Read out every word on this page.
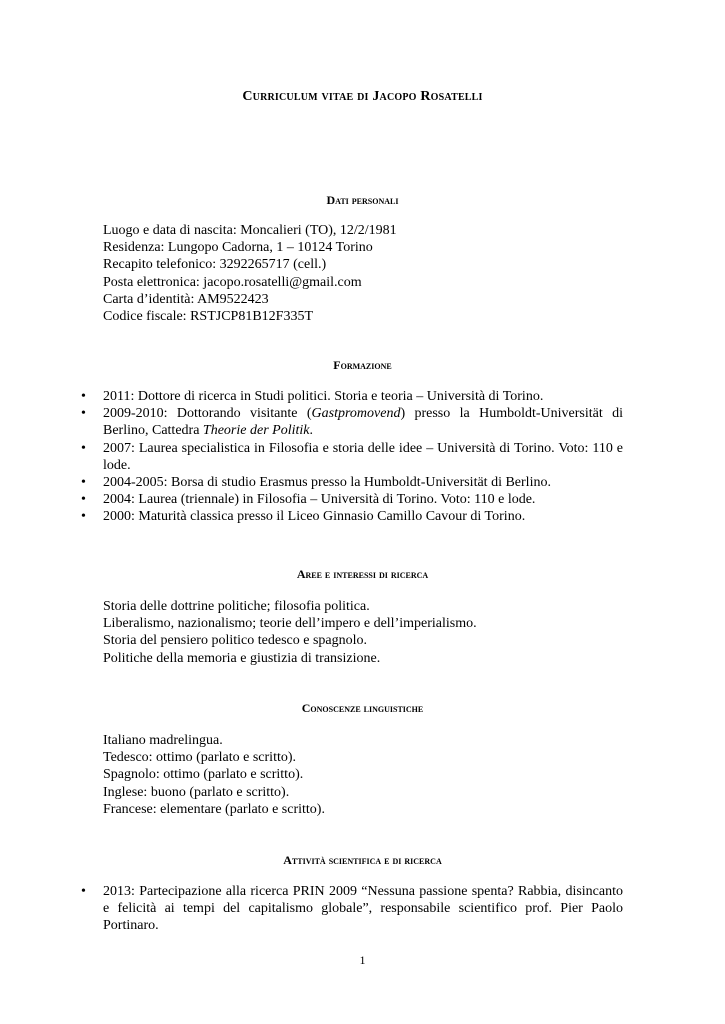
Curriculum vitae di Jacopo Rosatelli
Dati personali
Luogo e data di nascita: Moncalieri (TO), 12/2/1981
Residenza: Lungopo Cadorna, 1 – 10124 Torino
Recapito telefonico: 3292265717 (cell.)
Posta elettronica: jacopo.rosatelli@gmail.com
Carta d’identità: AM9522423
Codice fiscale: RSTJCP81B12F335T
Formazione
• 2011: Dottore di ricerca in Studi politici. Storia e teoria – Università di Torino.
• 2009-2010: Dottorando visitante (Gastpromovend) presso la Humboldt-Universität di Berlino, Cattedra Theorie der Politik.
• 2007: Laurea specialistica in Filosofia e storia delle idee – Università di Torino. Voto: 110 e lode.
• 2004-2005: Borsa di studio Erasmus presso la Humboldt-Universität di Berlino.
• 2004: Laurea (triennale) in Filosofia – Università di Torino. Voto: 110 e lode.
• 2000: Maturità classica presso il Liceo Ginnasio Camillo Cavour di Torino.
Aree e interessi di ricerca
Storia delle dottrine politiche; filosofia politica.
Liberalismo, nazionalismo; teorie dell’impero e dell’imperialismo.
Storia del pensiero politico tedesco e spagnolo.
Politiche della memoria e giustizia di transizione.
Conoscenze linguistiche
Italiano madrelingua.
Tedesco: ottimo (parlato e scritto).
Spagnolo: ottimo (parlato e scritto).
Inglese: buono (parlato e scritto).
Francese: elementare (parlato e scritto).
Attività scientifica e di ricerca
• 2013: Partecipazione alla ricerca PRIN 2009 “Nessuna passione spenta? Rabbia, disincanto e felicità ai tempi del capitalismo globale”, responsabile scientifico prof. Pier Paolo Portinaro.
1
